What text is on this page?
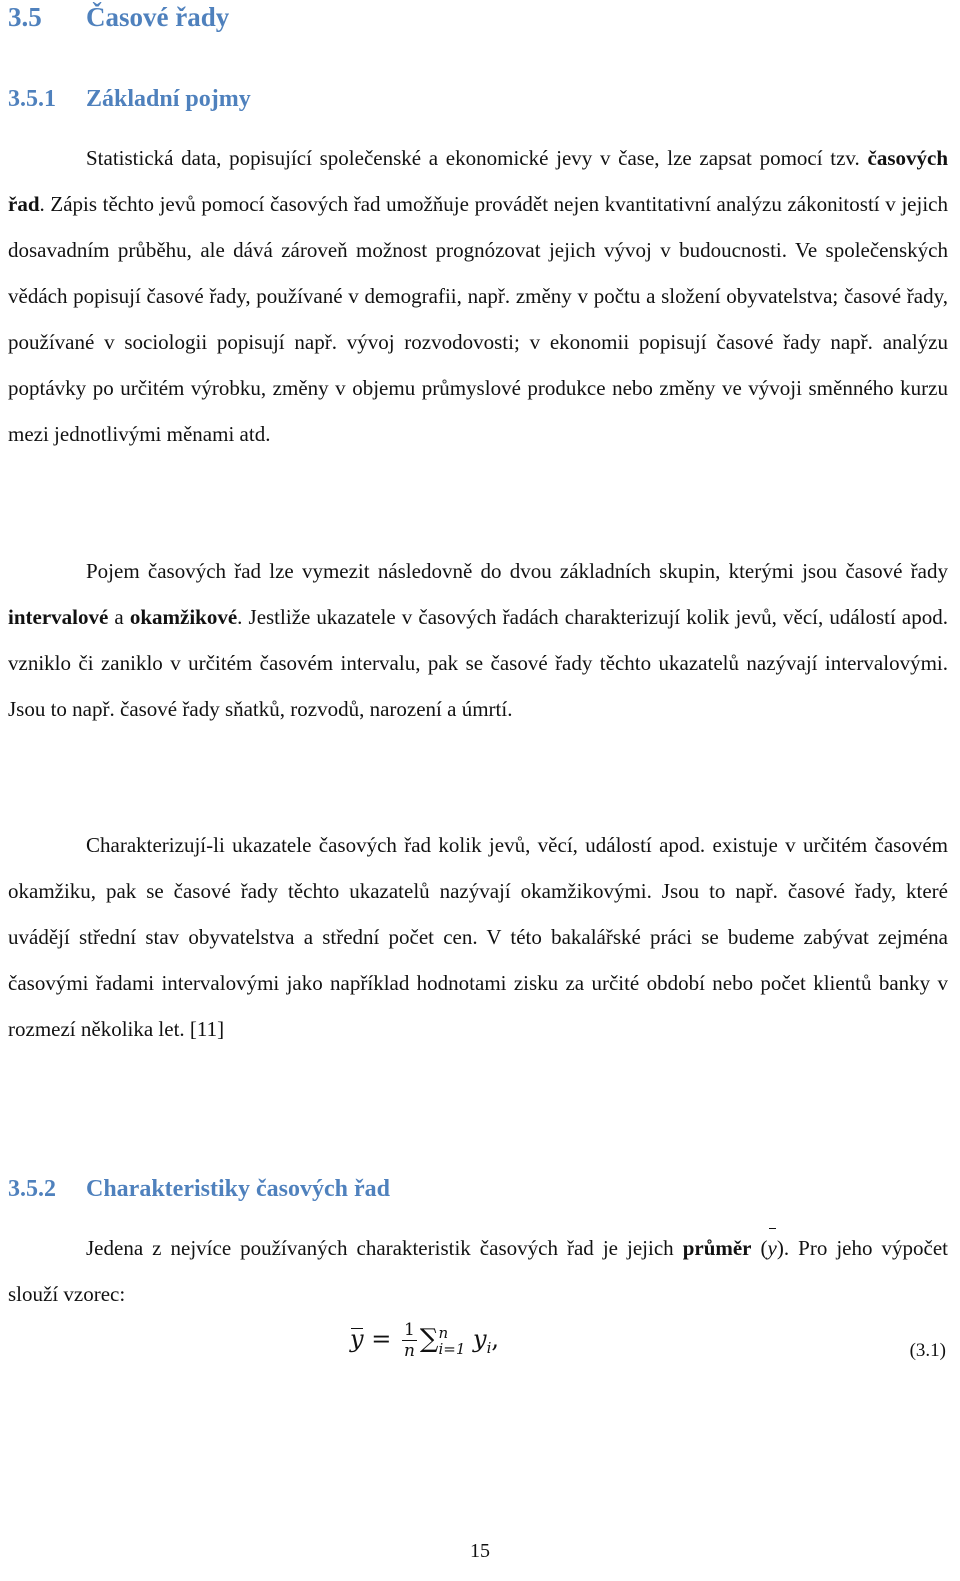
3.5 Časové řady
3.5.1 Základní pojmy

Statistická data, popisující společenské a ekonomické jevy v čase, lze zapsat pomocí tzv. časových řad. Zápis těchto jevů pomocí časových řad umožňuje provádět nejen kvantitativní analýzu zákonitostí v jejich dosavadním průběhu, ale dává zároveň možnost prognózovat jejich vývoj v budoucnosti. Ve společenských vědách popisují časové řady, používané v demografii, např. změny v počtu a složení obyvatelstva; časové řady, používané v sociologii popisují např. vývoj rozvodovosti; v ekonomii popisují časové řady např. analýzu poptávky po určitém výrobku, změny v objemu průmyslové produkce nebo změny ve vývoji směnného kurzu mezi jednotlivými měnami atd.

Pojem časových řad lze vymezit následovně do dvou základních skupin, kterými jsou časové řady intervalové a okamžikové. Jestliže ukazatele v časových řadách charakterizují kolik jevů, věcí, událostí apod. vzniklo či zaniklo v určitém časovém intervalu, pak se časové řady těchto ukazatelů nazývají intervalovými. Jsou to např. časové řady sňatků, rozvodů, narození a úmrtí.

Charakterizují-li ukazatele časových řad kolik jevů, věcí, událostí apod. existuje v určitém časovém okamžiku, pak se časové řady těchto ukazatelů nazývají okamžikovými. Jsou to např. časové řady, které uvádějí střední stav obyvatelstva a střední počet cen. V této bakalářské práci se budeme zabývat zejména časovými řadami intervalovými jako například hodnotami zisku za určité období nebo počet klientů banky v rozmezí několika let. [11]

3.5.2 Charakteristiky časových řad

Jedena z nejvíce používaných charakteristik časových řad je jejich průměr (y). Pro jeho výpočet slouží vzorec:

$y = \frac{1}{n}$ ∑ n
i=1 $y_i$,	(3.1)
15
